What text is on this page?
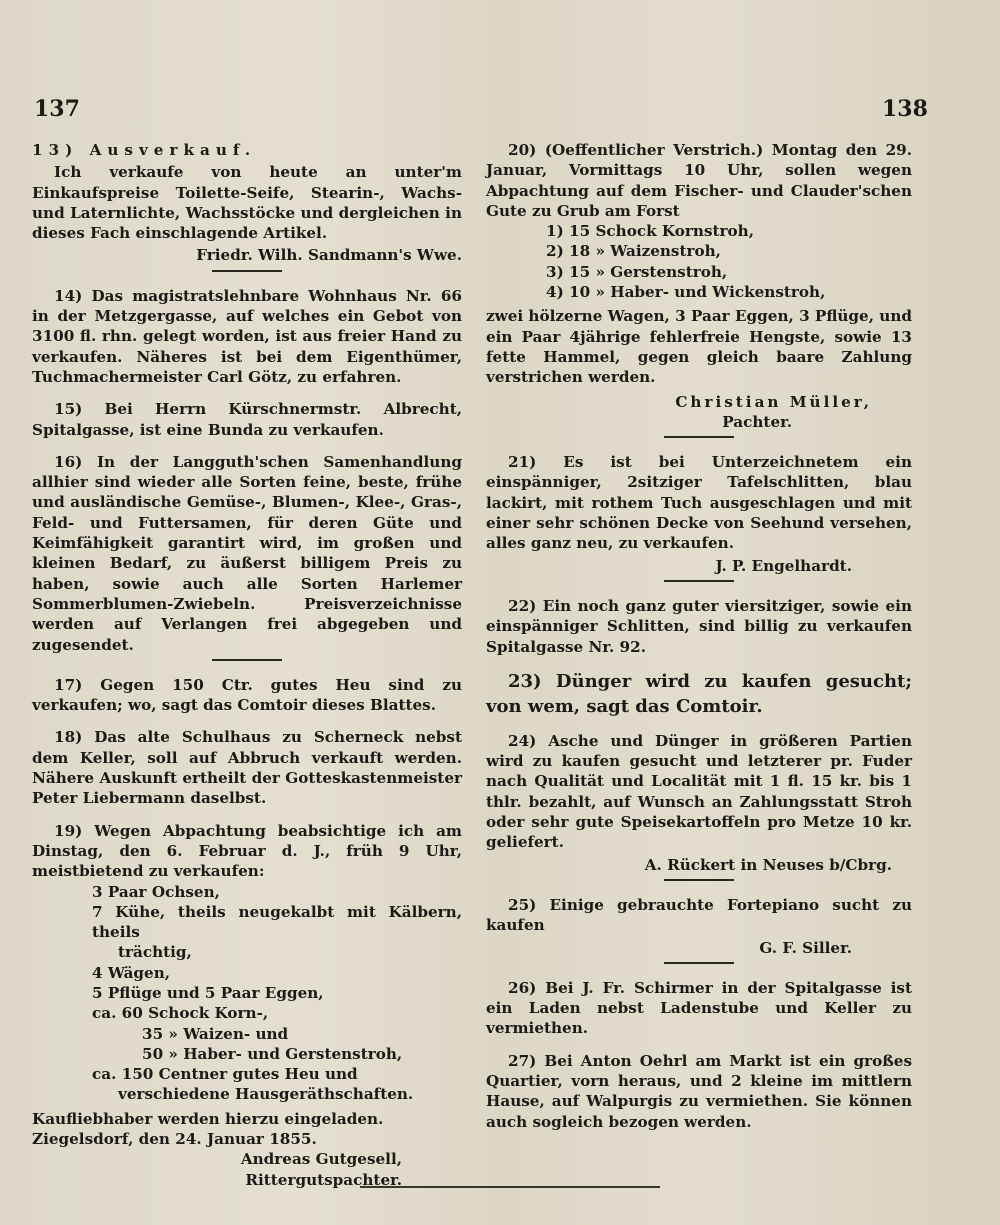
137	138

13) Ausverkauf.

Ich verkaufe von heute an unter'm Einkaufspreise Toilette-Seife, Stearin-, Wachs- und Laternlichte, Wachsstöcke und dergleichen in dieses Fach einschlagende Artikel.

Friedr. Wilh. Sandmann's Wwe.

14) Das magistratslehnbare Wohnhaus Nr. 66 in der Metzgergasse, auf welches ein Gebot von 3100 fl. rhn. gelegt worden, ist aus freier Hand zu verkaufen. Näheres ist bei dem Eigenthümer, Tuchmachermeister Carl Götz, zu erfahren.

15) Bei Herrn Kürschnermstr. Albrecht, Spitalgasse, ist eine Bunda zu verkaufen.

16) In der Langguth'schen Samenhandlung allhier sind wieder alle Sorten feine, beste, frühe und ausländische Gemüse-, Blumen-, Klee-, Gras-, Feld- und Futtersamen, für deren Güte und Keimfähigkeit garantirt wird, im großen und kleinen Bedarf, zu äußerst billigem Preis zu haben, sowie auch alle Sorten Harlemer Sommerblumen-Zwiebeln. Preisverzeichnisse werden auf Verlangen frei abgegeben und zugesendet.

17) Gegen 150 Ctr. gutes Heu sind zu verkaufen; wo, sagt das Comtoir dieses Blattes.

18) Das alte Schulhaus zu Scherneck nebst dem Keller, soll auf Abbruch verkauft werden. Nähere Auskunft ertheilt der Gotteskastenmeister Peter Liebermann daselbst.

19) Wegen Abpachtung beabsichtige ich am Dinstag, den 6. Februar d. J., früh 9 Uhr, meistbietend zu verkaufen:

3 Paar Ochsen,
7 Kühe, theils neugekalbt mit Kälbern, theils
trächtig,
4 Wägen,
5 Pflüge und 5 Paar Eggen,
ca. 60 Schock Korn-,
35 » Waizen- und
50 » Haber- und Gerstenstroh,
ca. 150 Centner gutes Heu und
verschiedene Hausgeräthschaften.

Kaufliebhaber werden hierzu eingeladen.

Ziegelsdorf, den 24. Januar 1855.

Andreas Gutgesell,

Rittergutspachter.

20) (Oeffentlicher Verstrich.) Montag den 29. Januar, Vormittags 10 Uhr, sollen wegen Abpachtung auf dem Fischer- und Clauder'schen Gute zu Grub am Forst

1) 15 Schock Kornstroh,
2) 18 » Waizenstroh,
3) 15 » Gerstenstroh,
4) 10 » Haber- und Wickenstroh,

zwei hölzerne Wagen, 3 Paar Eggen, 3 Pflüge, und ein Paar 4jährige fehlerfreie Hengste, sowie 13 fette Hammel, gegen gleich baare Zahlung verstrichen werden.

Christian Müller,

Pachter.

21) Es ist bei Unterzeichnetem ein einspänniger, 2sitziger Tafelschlitten, blau lackirt, mit rothem Tuch ausgeschlagen und mit einer sehr schönen Decke von Seehund versehen, alles ganz neu, zu verkaufen.

J. P. Engelhardt.

22) Ein noch ganz guter viersitziger, sowie ein einspänniger Schlitten, sind billig zu verkaufen Spitalgasse Nr. 92.

23) Dünger wird zu kaufen gesucht; von wem, sagt das Comtoir.

24) Asche und Dünger in größeren Partien wird zu kaufen gesucht und letzterer pr. Fuder nach Qualität und Localität mit 1 fl. 15 kr. bis 1 thlr. bezahlt, auf Wunsch an Zahlungsstatt Stroh oder sehr gute Speisekartoffeln pro Metze 10 kr. geliefert.

A. Rückert in Neuses b/Cbrg.

25) Einige gebrauchte Fortepiano sucht zu kaufen

G. F. Siller.

26) Bei J. Fr. Schirmer in der Spitalgasse ist ein Laden nebst Ladenstube und Keller zu vermiethen.

27) Bei Anton Oehrl am Markt ist ein großes Quartier, vorn heraus, und 2 kleine im mittlern Hause, auf Walpurgis zu vermiethen. Sie können auch sogleich bezogen werden.
